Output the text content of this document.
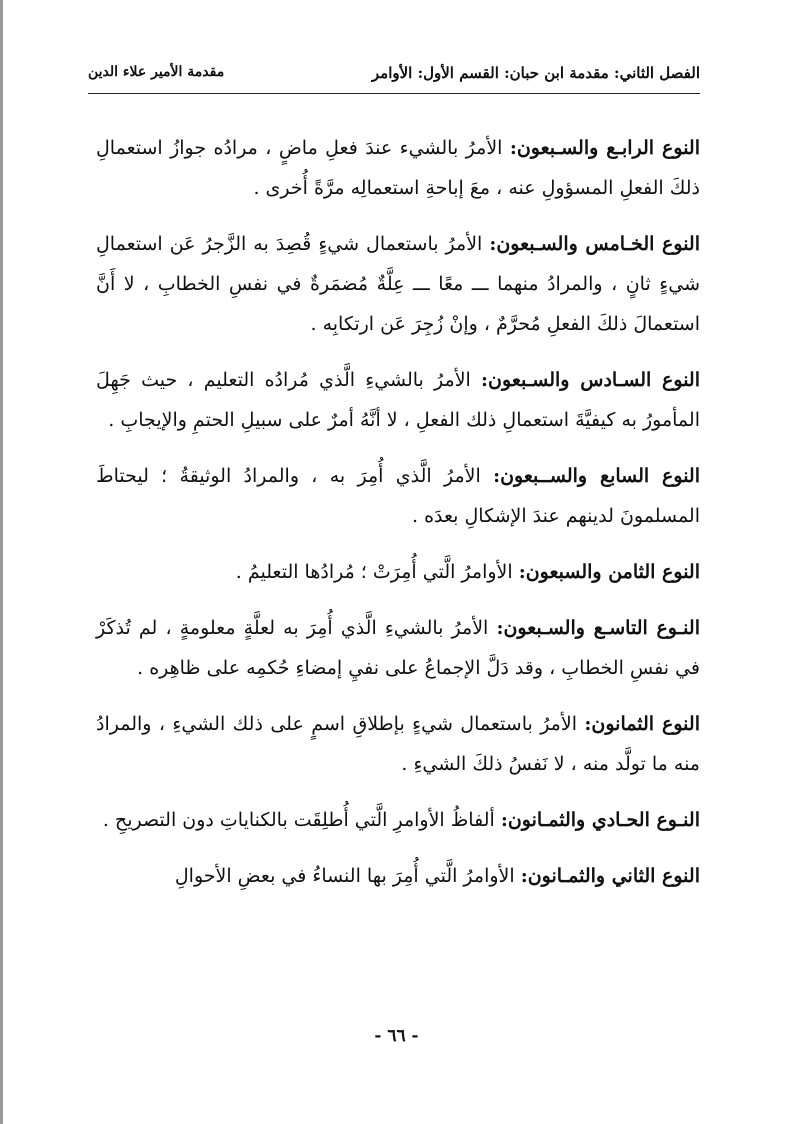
الفصل الثاني: مقدمة ابن حبان: القسم الأول: الأوامر
مقدمة الأمير علاء الدين

النوع الرابـع والسـبعون: الأمرُ بالشيء عندَ فعلِ ماضٍ ، مرادُه جوازُ استعمالِ ذلكَ الفعلِ المسؤولِ عنه ، معَ إباحةِ استعمالِه مرَّةً أُخرى .

النوع الخـامس والسـبعون: الأمرُ باستعمال شيءٍ قُصِدَ به الزَّجرُ عَن استعمالِ شيءٍ ثانٍ ، والمرادُ منهما ـــ معًا ـــ عِلَّةٌ مُضمَرةٌ في نفسِ الخطابِ ، لا أَنَّ استعمالَ ذلكَ الفعلِ مُحرَّمٌ ، وإنْ زُجِرَ عَن ارتكابِه .

النوع السـادس والسـبعون: الأمرُ بالشيءِ الَّذي مُرادُه التعليم ، حيث جَهِلَ المأمورُ به كيفيَّةَ استعمالِ ذلك الفعلِ ، لا أنَّهُ أمرٌ على سبيلِ الحتمِ والإيجابِ .

النوع السابع والســبعون: الأمرُ الَّذي أُمِرَ به ، والمرادُ الوثيقةُ ؛ ليحتاطَ المسلمونَ لدينهم عندَ الإشكالِ بعدَه .

النوع الثامن والسبعون: الأوامرُ الَّتي أُمِرَتْ ؛ مُرادُها التعليمُ .

النـوع التاسـع والسـبعون: الأمرُ بالشيءِ الَّذي أُمِرَ به لعلَّةٍ معلومةٍ ، لم تُذكَرْ في نفسِ الخطابِ ، وقد دَلَّ الإجماعُ على نفيِ إمضاءِ حُكمِه على ظاهِره .

النوع الثمانون: الأمرُ باستعمال شيءٍ بإطلاقِ اسمٍ على ذلك الشيءِ ، والمرادُ منه ما تولَّد منه ، لا نَفسُ ذلكَ الشيءِ .

النـوع الحـادي والثمـانون: ألفاظُ الأوامرِ الَّتي أُطلِقَت بالكناياتِ دون التصريحِ .

النوع الثاني والثمـانون: الأوامرُ الَّتي أُمِرَ بها النساءُ في بعضِ الأحوالِ

- ٦٦ -
